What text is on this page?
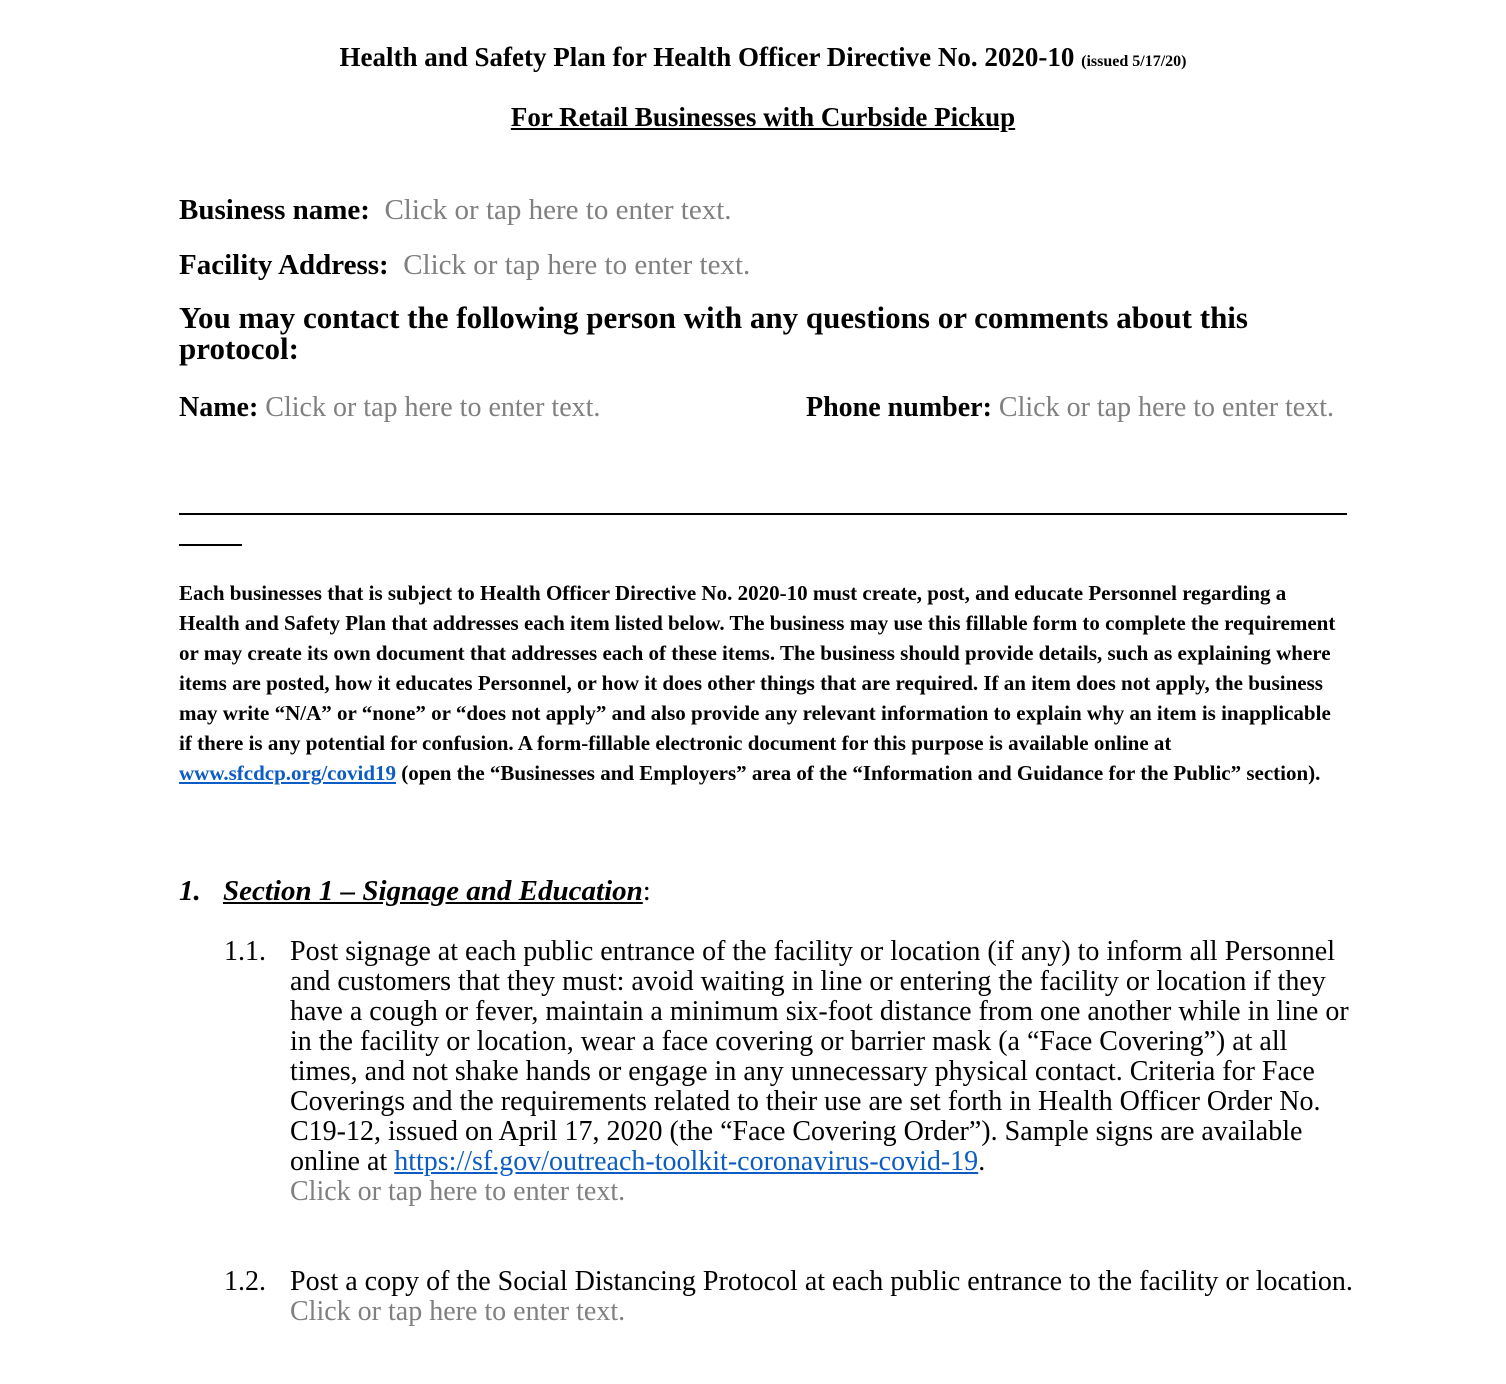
Health and Safety Plan for Health Officer Directive No. 2020-10 (issued 5/17/20)
For Retail Businesses with Curbside Pickup
Business name: Click or tap here to enter text.
Facility Address: Click or tap here to enter text.
You may contact the following person with any questions or comments about this protocol:
Name: Click or tap here to enter text.	Phone number: Click or tap here to enter text.
Each businesses that is subject to Health Officer Directive No. 2020-10 must create, post, and educate Personnel regarding a Health and Safety Plan that addresses each item listed below. The business may use this fillable form to complete the requirement or may create its own document that addresses each of these items. The business should provide details, such as explaining where items are posted, how it educates Personnel, or how it does other things that are required. If an item does not apply, the business may write “N/A” or “none” or “does not apply” and also provide any relevant information to explain why an item is inapplicable if there is any potential for confusion. A form-fillable electronic document for this purpose is available online at www.sfcdcp.org/covid19 (open the “Businesses and Employers” area of the “Information and Guidance for the Public” section).
1. Section 1 – Signage and Education:
1.1. Post signage at each public entrance of the facility or location (if any) to inform all Personnel and customers that they must: avoid waiting in line or entering the facility or location if they have a cough or fever, maintain a minimum six-foot distance from one another while in line or in the facility or location, wear a face covering or barrier mask (a “Face Covering”) at all times, and not shake hands or engage in any unnecessary physical contact. Criteria for Face Coverings and the requirements related to their use are set forth in Health Officer Order No. C19-12, issued on April 17, 2020 (the “Face Covering Order”). Sample signs are available online at https://sf.gov/outreach-toolkit-coronavirus-covid-19.
Click or tap here to enter text.
1.2. Post a copy of the Social Distancing Protocol at each public entrance to the facility or location.
Click or tap here to enter text.
